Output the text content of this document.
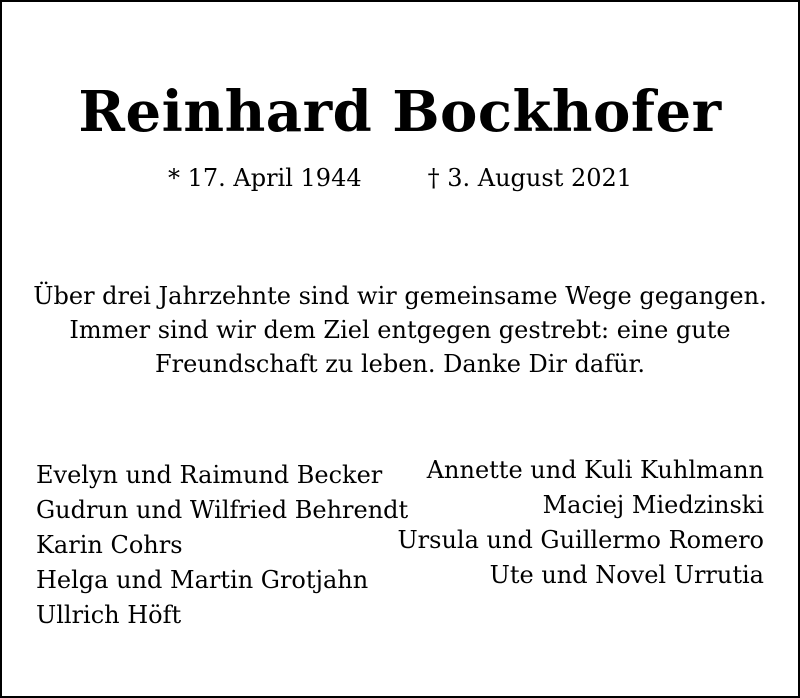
Reinhard Bockhofer
* 17. April 1944	† 3. August 2021
Über drei Jahrzehnte sind wir gemeinsame Wege gegangen.
Immer sind wir dem Ziel entgegen gestrebt: eine gute
Freundschaft zu leben. Danke Dir dafür.
Evelyn und Raimund Becker
Gudrun und Wilfried Behrendt
Karin Cohrs
Helga und Martin Grotjahn
Ullrich Höft
Annette und Kuli Kuhlmann
Maciej Miedzinski
Ursula und Guillermo Romero
Ute und Novel Urrutia
